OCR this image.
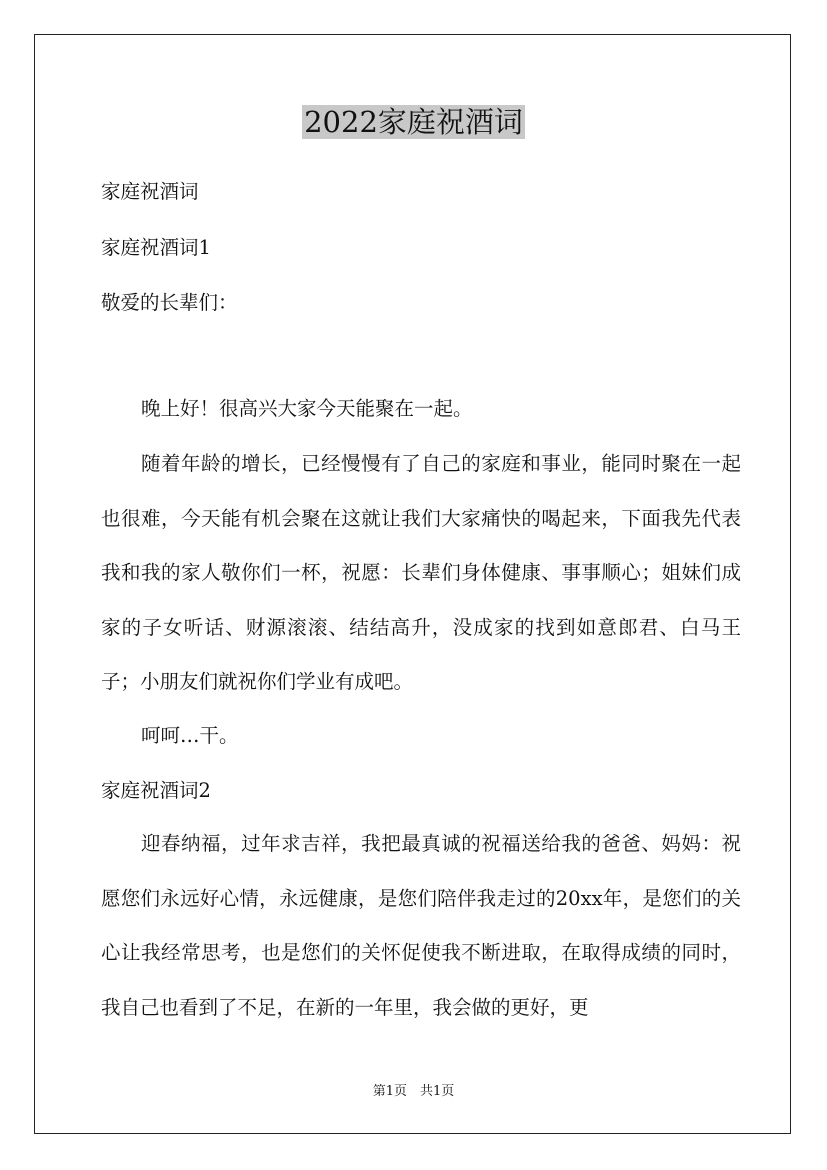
2022家庭祝酒词
家庭祝酒词
家庭祝酒词1
敬爱的长辈们：
晚上好！很高兴大家今天能聚在一起。
随着年龄的增长，已经慢慢有了自己的家庭和事业，能同时聚在一起也很难，今天能有机会聚在这就让我们大家痛快的喝起来，下面我先代表我和我的家人敬你们一杯，祝愿：长辈们身体健康、事事顺心；姐妹们成家的子女听话、财源滚滚、结结高升，没成家的找到如意郎君、白马王子；小朋友们就祝你们学业有成吧。
呵呵…干。
家庭祝酒词2
迎春纳福，过年求吉祥，我把最真诚的祝福送给我的爸爸、妈妈：祝愿您们永远好心情，永远健康，是您们陪伴我走过的20xx年，是您们的关心让我经常思考，也是您们的关怀促使我不断进取，在取得成绩的同时，我自己也看到了不足，在新的一年里，我会做的更好，更
第1页　共1页
